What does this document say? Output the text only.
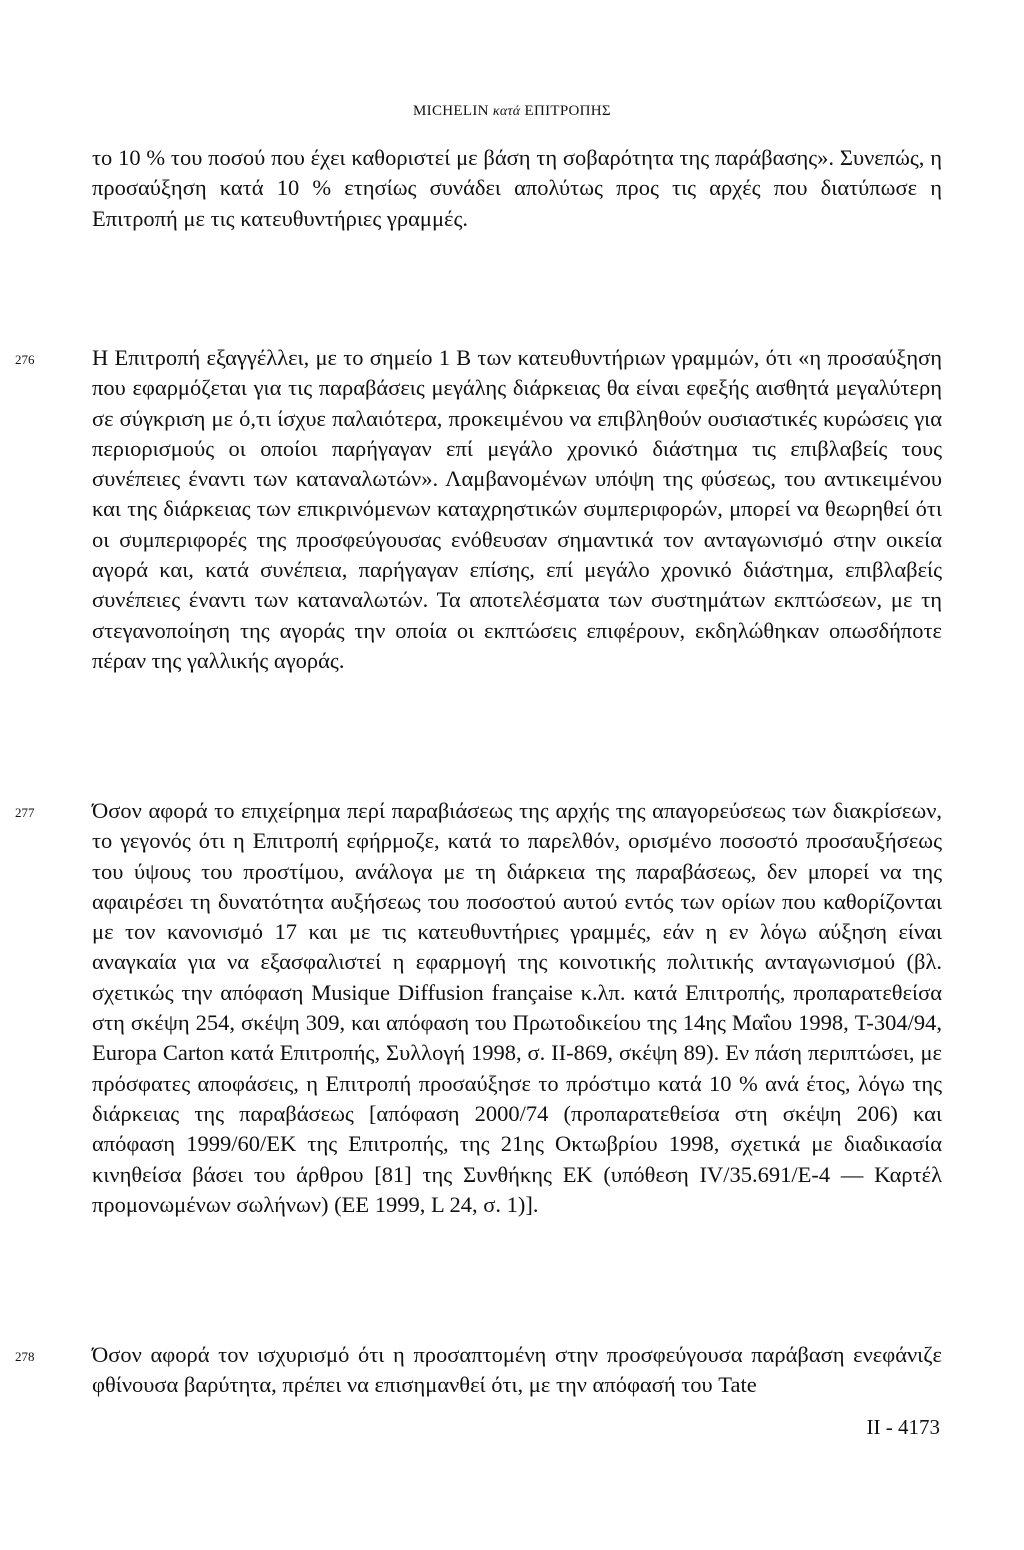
MICHELIN κατά ΕΠΙΤΡΟΠΗΣ

το 10 % του ποσού που έχει καθοριστεί με βάση τη σοβαρότητα της παράβασης». Συνεπώς, η προσαύξηση κατά 10 % ετησίως συνάδει απολύτως προς τις αρχές που διατύπωσε η Επιτροπή με τις κατευθυντήριες γραμμές.

276	Η Επιτροπή εξαγγέλλει, με το σημείο 1 Β των κατευθυντήριων γραμμών, ότι «η προσαύξηση που εφαρμόζεται για τις παραβάσεις μεγάλης διάρκειας θα είναι εφεξής αισθητά μεγαλύτερη σε σύγκριση με ό,τι ίσχυε παλαιότερα, προκειμένου να επιβληθούν ουσιαστικές κυρώσεις για περιορισμούς οι οποίοι παρήγαγαν επί μεγάλο χρονικό διάστημα τις επιβλαβείς τους συνέπειες έναντι των καταναλωτών». Λαμβανομένων υπόψη της φύσεως, του αντικειμένου και της διάρκειας των επικρινόμενων καταχρηστικών συμπεριφορών, μπορεί να θεωρηθεί ότι οι συμπεριφορές της προσφεύγουσας ενόθευσαν σημαντικά τον ανταγωνισμό στην οικεία αγορά και, κατά συνέπεια, παρήγαγαν επίσης, επί μεγάλο χρονικό διάστημα, επιβλαβείς συνέπειες έναντι των καταναλωτών. Τα αποτελέσματα των συστημάτων εκπτώσεων, με τη στεγανοποίηση της αγοράς την οποία οι εκπτώσεις επιφέρουν, εκδηλώθηκαν οπωσδήποτε πέραν της γαλλικής αγοράς.

277	Όσον αφορά το επιχείρημα περί παραβιάσεως της αρχής της απαγορεύσεως των διακρίσεων, το γεγονός ότι η Επιτροπή εφήρμοζε, κατά το παρελθόν, ορισμένο ποσοστό προσαυξήσεως του ύψους του προστίμου, ανάλογα με τη διάρκεια της παραβάσεως, δεν μπορεί να της αφαιρέσει τη δυνατότητα αυξήσεως του ποσοστού αυτού εντός των ορίων που καθορίζονται με τον κανονισμό 17 και με τις κατευθυντήριες γραμμές, εάν η εν λόγω αύξηση είναι αναγκαία για να εξασφαλιστεί η εφαρμογή της κοινοτικής πολιτικής ανταγωνισμού (βλ. σχετικώς την απόφαση Musique Diffusion française κ.λπ. κατά Επιτροπής, προπαρατεθείσα στη σκέψη 254, σκέψη 309, και απόφαση του Πρωτοδικείου της 14ης Μαΐου 1998, T-304/94, Europa Carton κατά Επιτροπής, Συλλογή 1998, σ. II-869, σκέψη 89). Εν πάση περιπτώσει, με πρόσφατες αποφάσεις, η Επιτροπή προσαύξησε το πρόστιμο κατά 10 % ανά έτος, λόγω της διάρκειας της παραβάσεως [απόφαση 2000/74 (προπαρατεθείσα στη σκέψη 206) και απόφαση 1999/60/ΕΚ της Επιτροπής, της 21ης Οκτωβρίου 1998, σχετικά με διαδικασία κινηθείσα βάσει του άρθρου [81] της Συνθήκης ΕΚ (υπόθεση IV/35.691/Ε-4 — Καρτέλ προμονωμένων σωλήνων) (ΕΕ 1999, L 24, σ. 1)].

278	Όσον αφορά τον ισχυρισμό ότι η προσαπτομένη στην προσφεύγουσα παράβαση ενεφάνιζε φθίνουσα βαρύτητα, πρέπει να επισημανθεί ότι, με την απόφασή του Tate

II - 4173
